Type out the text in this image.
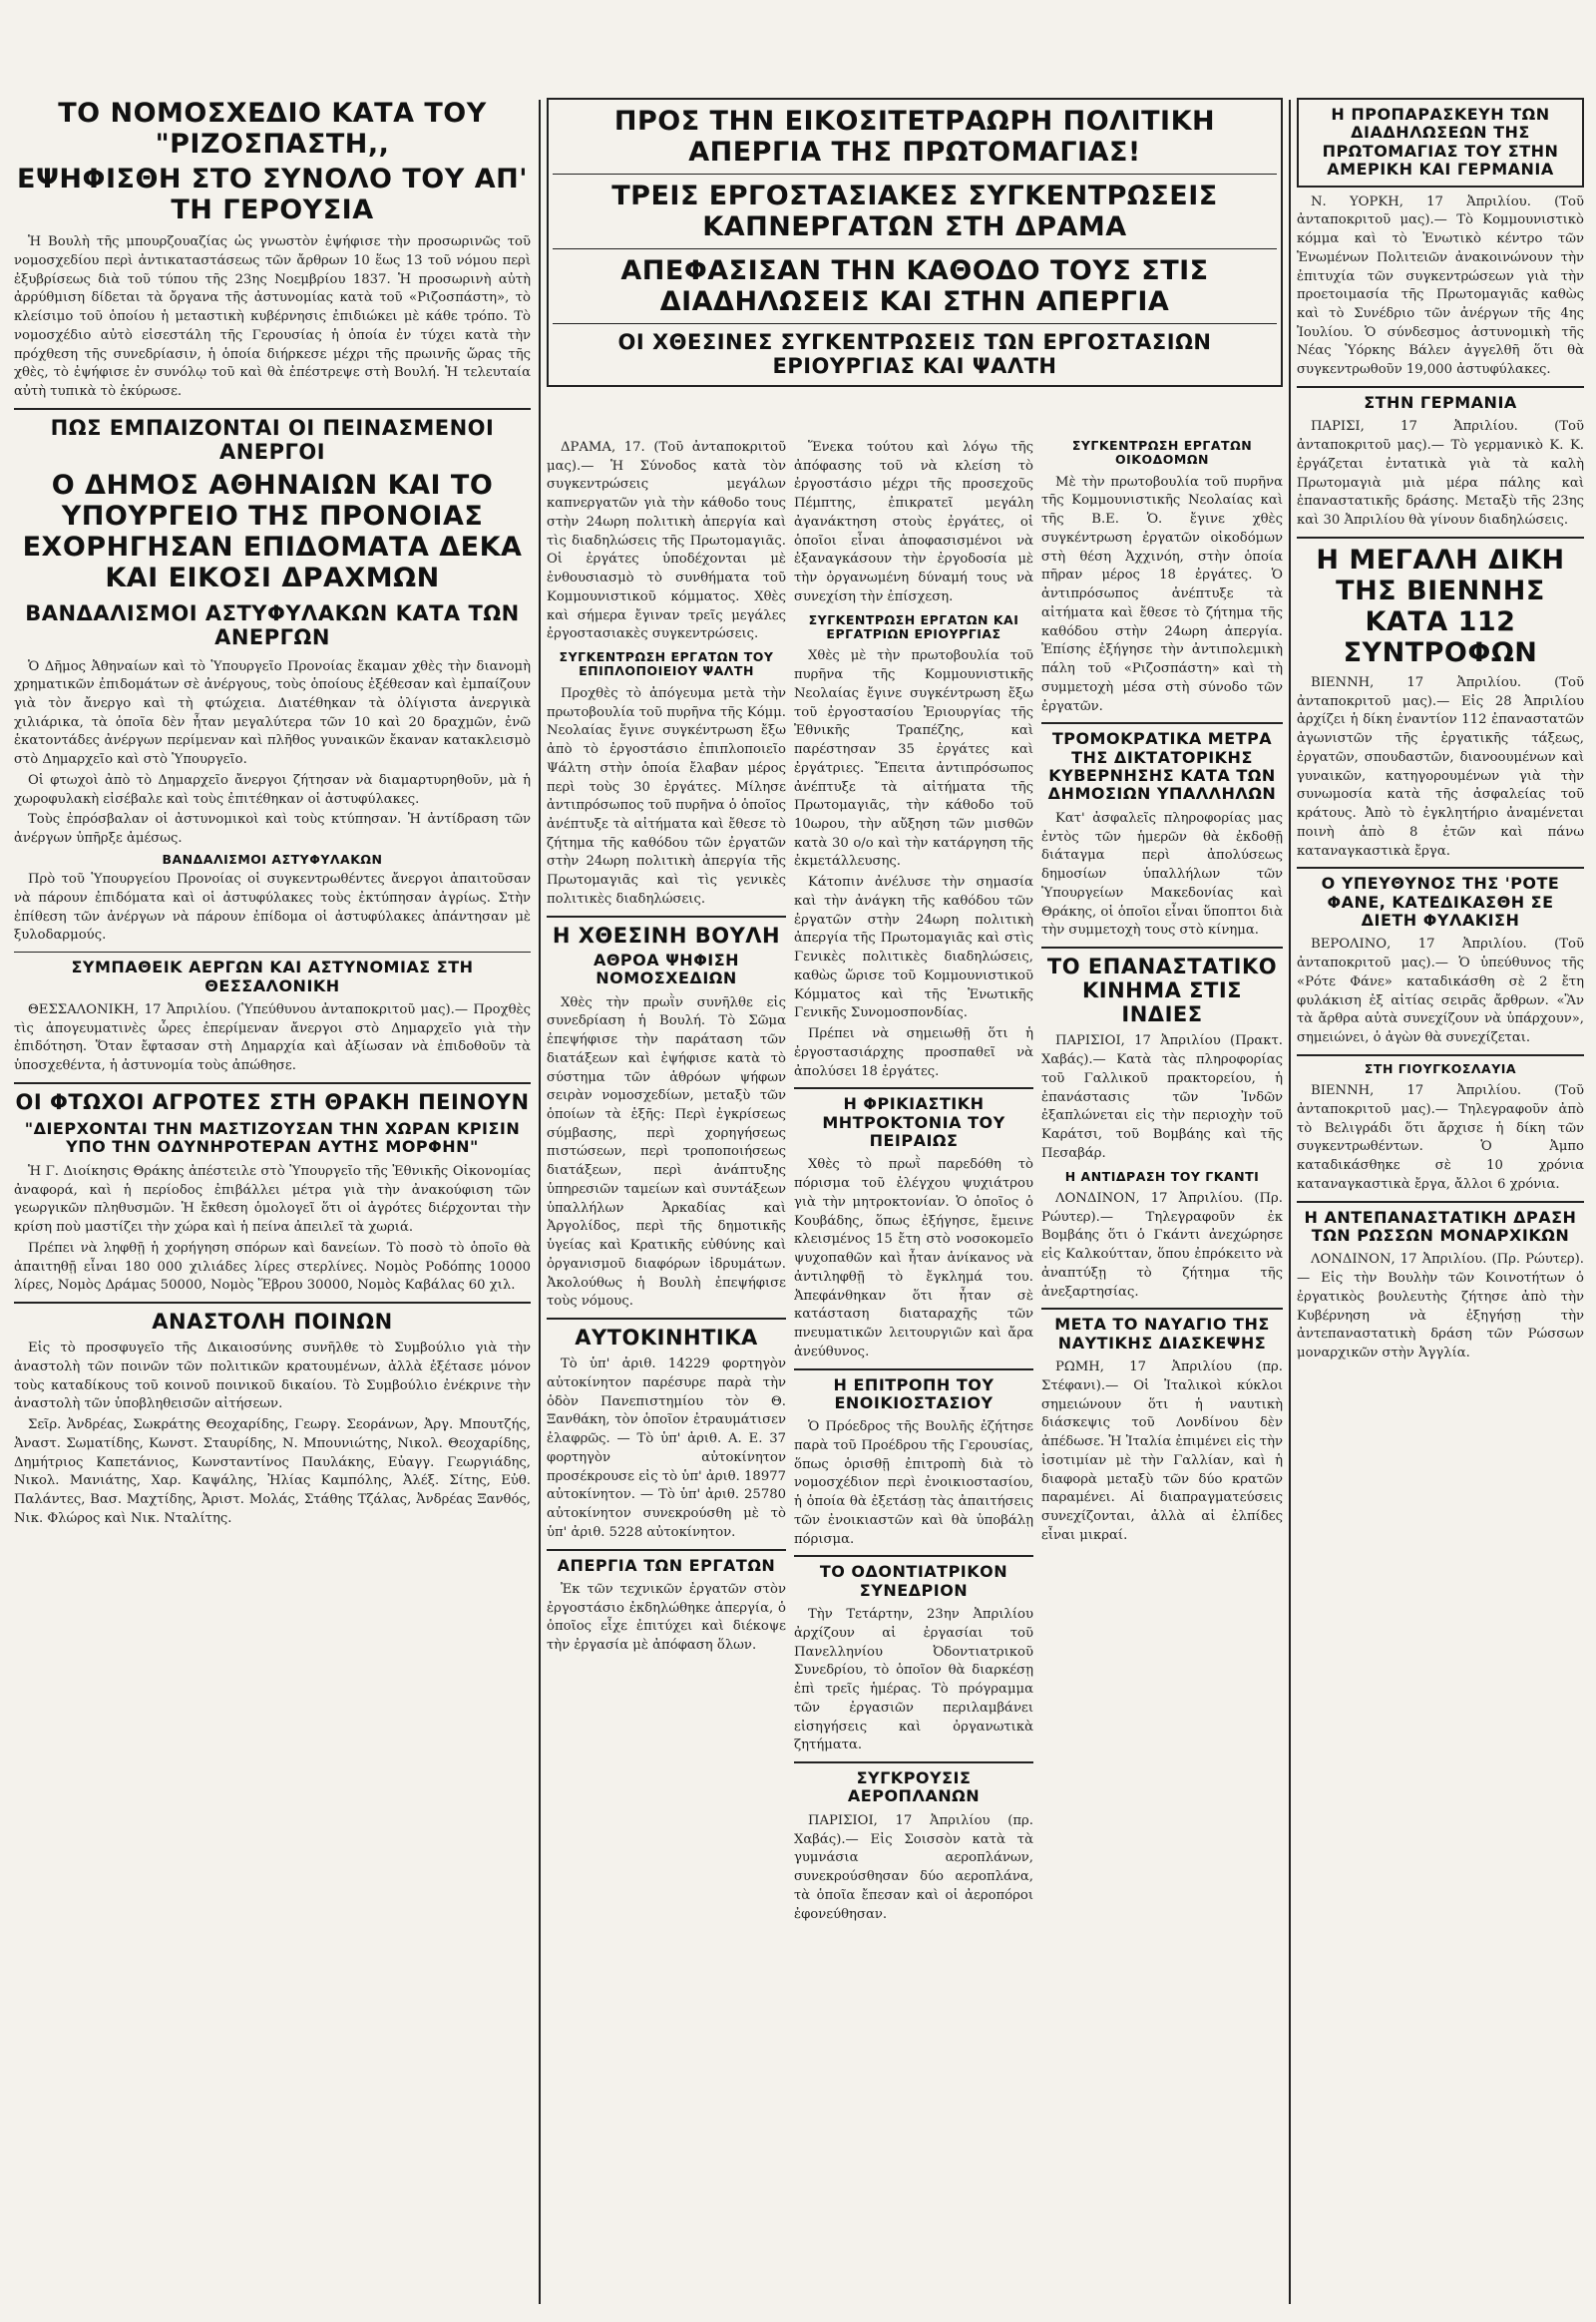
ΤΟ ΝΟΜΟΣΧΕΔΙΟ ΚΑΤΑ ΤΟΥ "ΡΙΖΟΣΠΑΣΤΗ,,
ΕΨΗΦΙΣΘΗ ΣΤΟ ΣΥΝΟΛΟ ΤΟΥ ΑΠ' ΤΗ ΓΕΡΟΥΣΙΑ

Ἡ Βουλὴ τῆς μπουρζουαζίας ὡς γνωστὸν ἐψήφισε τὴν προσωρινῶς τοῦ νομοσχεδίου περὶ ἀντικαταστάσεως τῶν ἄρθρων 10 ἕως 13 τοῦ νόμου περὶ ἐξυβρίσεως διὰ τοῦ τύπου τῆς 23ης Νοεμβρίου 1837. Ἡ προσωρινὴ αὐτὴ ἀρρύθμιση δίδεται τὰ ὄργανα τῆς ἀστυνομίας κατὰ τοῦ «Ριζοσπάστη», τὸ κλείσιμο τοῦ ὁποίου ἡ μεταστικὴ κυβέρνησις ἐπιδιώκει μὲ κάθε τρόπο. Τὸ νομοσχέδιο αὐτὸ εἰσεστάλη τῆς Γερουσίας ἡ ὁποία ἐν τύχει κατὰ τὴν πρόχθεση τῆς συνεδρίασιν, ἡ ὁποία διήρκεσε μέχρι τῆς πρωινῆς ὥρας τῆς χθὲς, τὸ ἐψήφισε ἐν συνόλῳ τοῦ καὶ θὰ ἐπέστρεψε στὴ Βουλή. Ἡ τελευταία αὐτὴ τυπικὰ τὸ ἐκύρωσε.

ΠΩΣ ΕΜΠΑΙΖΟΝΤΑΙ ΟΙ ΠΕΙΝΑΣΜΕΝΟΙ ΑΝΕΡΓΟΙ
Ο ΔΗΜΟΣ ΑΘΗΝΑΙΩΝ ΚΑΙ ΤΟ ΥΠΟΥΡΓΕΙΟ ΤΗΣ ΠΡΟΝΟΙΑΣ ΕΧΟΡΗΓΗΣΑΝ ΕΠΙΔΟΜΑΤΑ ΔΕΚΑ ΚΑΙ ΕΙΚΟΣΙ ΔΡΑΧΜΩΝ
ΒΑΝΔΑΛΙΣΜΟΙ ΑΣΤΥΦΥΛΑΚΩΝ ΚΑΤΑ ΤΩΝ ΑΝΕΡΓΩΝ

Ὁ Δῆμος Ἀθηναίων καὶ τὸ Ὑπουργεῖο Προνοίας ἔκαμαν χθὲς τὴν διανομὴ χρηματικῶν ἐπιδομάτων σὲ ἀνέργους, τοὺς ὁποίους ἐξέθεσαν καὶ ἐμπαίζουν γιὰ τὸν ἄνεργο καὶ τὴ φτώχεια. Διατέθηκαν τὰ ὀλίγιστα ἀνεργικὰ χιλιάρικα, τὰ ὁποῖα δὲν ἦταν μεγαλύτερα τῶν 10 καὶ 20 δραχμῶν, ἐνῶ ἑκατοντάδες ἀνέργων περίμεναν καὶ πλῆθος γυναικῶν ἔκαναν κατακλεισμὸ στὸ Δημαρχεῖο καὶ στὸ Ὑπουργεῖο.

Οἱ φτωχοὶ ἀπὸ τὸ Δημαρχεῖο ἄνεργοι ζήτησαν νὰ διαμαρτυρηθοῦν, μὰ ἡ χωροφυλακὴ εἰσέβαλε καὶ τοὺς ἐπιτέθηκαν οἱ ἀστυφύλακες.

Τοὺς ἐπρόσβαλαν οἱ ἀστυνομικοὶ καὶ τοὺς κτύπησαν. Ἡ ἀντίδραση τῶν ἀνέργων ὑπῆρξε ἀμέσως.

ΒΑΝΔΑΛΙΣΜΟΙ ΑΣΤΥΦΥΛΑΚΩΝ

Πρὸ τοῦ Ὑπουργείου Προνοίας οἱ συγκεντρωθέντες ἄνεργοι ἀπαιτοῦσαν νὰ πάρουν ἐπιδόματα καὶ οἱ ἀστυφύλακες τοὺς ἐκτύπησαν ἀγρίως. Στὴν ἐπίθεση τῶν ἀνέργων νὰ πάρουν ἐπίδομα οἱ ἀστυφύλακες ἀπάντησαν μὲ ξυλοδαρμούς.

ΣΥΜΠΑΘΕΙΚ ΑΕΡΓΩΝ ΚΑΙ ΑΣΤΥΝΟΜΙΑΣ ΣΤΗ ΘΕΣΣΑΛΟΝΙΚΗ

ΘΕΣΣΑΛΟΝΙΚΗ, 17 Ἀπριλίου. (Ὑπεύθυνου ἀνταποκριτοῦ μας).— Προχθὲς τὶς ἀπογευματινὲς ὧρες ἐπερίμεναν ἄνεργοι στὸ Δημαρχεῖο γιὰ τὴν ἐπιδότηση. Ὅταν ἔφτασαν στὴ Δημαρχία καὶ ἀξίωσαν νὰ ἐπιδοθοῦν τὰ ὑποσχεθέντα, ἡ ἀστυνομία τοὺς ἀπώθησε.

ΟΙ ΦΤΩΧΟΙ ΑΓΡΟΤΕΣ ΣΤΗ ΘΡΑΚΗ ΠΕΙΝΟΥΝ
"ΔΙΕΡΧΟΝΤΑΙ ΤΗΝ ΜΑΣΤΙΖΟΥΣΑΝ ΤΗΝ ΧΩΡΑΝ ΚΡΙΣΙΝ ΥΠΟ ΤΗΝ ΟΔΥΝΗΡΟΤΕΡΑΝ ΑΥΤΗΣ ΜΟΡΦΗΝ"

Ἡ Γ. Διοίκησις Θράκης ἀπέστειλε στὸ Ὑπουργεῖο τῆς Ἐθνικῆς Οἰκονομίας ἀναφορά, καὶ ἡ περίοδος ἐπιβάλλει μέτρα γιὰ τὴν ἀνακούφιση τῶν γεωργικῶν πληθυσμῶν. Ἡ ἔκθεση ὁμολογεῖ ὅτι οἱ ἀγρότες διέρχονται τὴν κρίση ποὺ μαστίζει τὴν χώρα καὶ ἡ πείνα ἀπειλεῖ τὰ χωριά.

Πρέπει νὰ ληφθῇ ἡ χορήγηση σπόρων καὶ δανείων. Τὸ ποσὸ τὸ ὁποῖο θὰ ἀπαιτηθῇ εἶναι 180 000 χιλιάδες λίρες στερλίνες. Νομὸς Ροδόπης 10000 λίρες, Νομὸς Δράμας 50000, Νομὸς Ἕβρου 30000, Νομὸς Καβάλας 60 χιλ.

ΑΝΑΣΤΟΛΗ ΠΟΙΝΩΝ

Εἰς τὸ προσφυγεῖο τῆς Δικαιοσύνης συνῆλθε τὸ Συμβούλιο γιὰ τὴν ἀναστολὴ τῶν ποινῶν τῶν πολιτικῶν κρατουμένων, ἀλλὰ ἐξέτασε μόνον τοὺς καταδίκους τοῦ κοινοῦ ποινικοῦ δικαίου. Τὸ Συμβούλιο ἐνέκρινε τὴν ἀναστολὴ τῶν ὑποβληθεισῶν αἰτήσεων.

Σεῖρ. Ἀνδρέας, Σωκράτης Θεοχαρίδης, Γεωργ. Σεοράνων, Ἀργ. Μπουτζής, Ἀναστ. Σωματίδης, Κωνστ. Σταυρίδης, Ν. Μπουνιώτης, Νικολ. Θεοχαρίδης, Δημήτριος Καπετάνιος, Κωνσταντίνος Παυλάκης, Εὐαγγ. Γεωργιάδης, Νικολ. Μανιάτης, Χαρ. Καψάλης, Ἠλίας Καμπόλης, Ἀλέξ. Σίτης, Εὐθ. Παλάντες, Βασ. Μαχτίδης, Ἀριστ. Μολάς, Στάθης Τζάλας, Ἀνδρέας Ξανθός, Νικ. Φλώρος καὶ Νικ. Νταλίτης.

ΠΡΟΣ ΤΗΝ ΕΙΚΟΣΙΤΕΤΡΑΩΡΗ ΠΟΛΙΤΙΚΗ ΑΠΕΡΓΙΑ ΤΗΣ ΠΡΩΤΟΜΑΓΙΑΣ!
ΤΡΕΙΣ ΕΡΓΟΣΤΑΣΙΑΚΕΣ ΣΥΓΚΕΝΤΡΩΣΕΙΣ ΚΑΠΝΕΡΓΑΤΩΝ ΣΤΗ ΔΡΑΜΑ
ΑΠΕΦΑΣΙΣΑΝ ΤΗΝ ΚΑΘΟΔΟ ΤΟΥΣ ΣΤΙΣ ΔΙΑΔΗΛΩΣΕΙΣ ΚΑΙ ΣΤΗΝ ΑΠΕΡΓΙΑ
ΟΙ ΧΘΕΣΙΝΕΣ ΣΥΓΚΕΝΤΡΩΣΕΙΣ ΤΩΝ ΕΡΓΟΣΤΑΣΙΩΝ ΕΡΙΟΥΡΓΙΑΣ ΚΑΙ ΨΑΛΤΗ

ΔΡΑΜΑ, 17. (Τοῦ ἀνταποκριτοῦ μας).— Ἡ Σύνοδος κατὰ τὸν συγκεντρώσεις μεγάλων καπνεργατῶν γιὰ τὴν κάθοδο τους στὴν 24ωρη πολιτικὴ ἀπεργία καὶ τὶς διαδηλώσεις τῆς Πρωτομαγιᾶς. Οἱ ἐργάτες ὑποδέχονται μὲ ἐνθουσιασμὸ τὸ συνθήματα τοῦ Κομμουνιστικοῦ κόμματος. Χθὲς καὶ σήμερα ἔγιναν τρεῖς μεγάλες ἐργοστασιακὲς συγκεντρώσεις.

ΣΥΓΚΕΝΤΡΩΣΗ ΕΡΓΑΤΩΝ ΤΟΥ ΕΠΙΠΛΟΠΟΙΕΙΟΥ ΨΑΛΤΗ

Προχθὲς τὸ ἀπόγευμα μετὰ τὴν πρωτοβουλία τοῦ πυρῆνα τῆς Κόμμ. Νεολαίας ἔγινε συγκέντρωση ἔξω ἀπὸ τὸ ἐργοστάσιο ἐπιπλοποιεῖο Ψάλτη στὴν ὁποία ἔλαβαν μέρος περὶ τοὺς 30 ἐργάτες. Μίλησε ἀντιπρόσωπος τοῦ πυρῆνα ὁ ὁποῖος ἀνέπτυξε τὰ αἰτήματα καὶ ἔθεσε τὸ ζήτημα τῆς καθόδου τῶν ἐργατῶν στὴν 24ωρη πολιτικὴ ἀπεργία τῆς Πρωτομαγιᾶς καὶ τὶς γενικὲς πολιτικὲς διαδηλώσεις.

Η ΧΘΕΣΙΝΗ ΒΟΥΛΗ
ΑΘΡΟΑ ΨΗΦΙΣΗ ΝΟΜΟΣΧΕΔΙΩΝ

Χθὲς τὴν πρωῒν συνῆλθε εἰς συνεδρίαση ἡ Βουλή. Τὸ Σῶμα ἐπεψήφισε τὴν παράταση τῶν διατάξεων καὶ ἐψήφισε κατὰ τὸ σύστημα τῶν ἁθρόων ψήφων σειρὰν νομοσχεδίων, μεταξὺ τῶν ὁποίων τὰ ἑξῆς: Περὶ ἐγκρίσεως σύμβασης, περὶ χορηγήσεως πιστώσεων, περὶ τροποποιήσεως διατάξεων, περὶ ἀνάπτυξης ὑπηρεσιῶν ταμείων καὶ συντάξεων ὑπαλλήλων Ἀρκαδίας καὶ Ἀργολίδος, περὶ τῆς δημοτικῆς ὑγείας καὶ Κρατικῆς εὐθύνης καὶ ὀργανισμοῦ διαφόρων ἰδρυμάτων. Ἀκολούθως ἡ Βουλὴ ἐπεψήφισε τοὺς νόμους.

ΑΥΤΟΚΙΝΗΤΙΚΑ

Τὸ ὑπ' ἀριθ. 14229 φορτηγὸν αὐτοκίνητον παρέσυρε παρὰ τὴν ὁδὸν Πανεπιστημίου τὸν Θ. Ξανθάκη, τὸν ὁποῖον ἐτραυμάτισεν ἐλαφρῶς. — Τὸ ὑπ' ἀριθ. Α. Ε. 37 φορτηγὸν αὐτοκίνητον προσέκρουσε εἰς τὸ ὑπ' ἀριθ. 18977 αὐτοκίνητον. — Τὸ ὑπ' ἀριθ. 25780 αὐτοκίνητον συνεκρούσθη μὲ τὸ ὑπ' ἀριθ. 5228 αὐτοκίνητον.

ΑΠΕΡΓΙΑ ΤΩΝ ΕΡΓΑΤΩΝ

Ἐκ τῶν τεχνικῶν ἐργατῶν στὸν ἐργοστάσιο ἐκδηλώθηκε ἀπεργία, ὁ ὁποῖος εἶχε ἐπιτύχει καὶ διέκοψε τὴν ἐργασία μὲ ἀπόφαση ὅλων.

Ἕνεκα τούτου καὶ λόγω τῆς ἀπόφασης τοῦ νὰ κλείση τὸ ἐργοστάσιο μέχρι τῆς προσεχοῦς Πέμπτης, ἐπικρατεῖ μεγάλη ἀγανάκτηση στοὺς ἐργάτες, οἱ ὁποῖοι εἶναι ἀποφασισμένοι νὰ ἐξαναγκάσουν τὴν ἐργοδοσία μὲ τὴν ὀργανωμένη δύναμή τους νὰ συνεχίση τὴν ἐπίσχεση.

ΣΥΓΚΕΝΤΡΩΣΗ ΕΡΓΑΤΩΝ ΚΑΙ ΕΡΓΑΤΡΙΩΝ ΕΡΙΟΥΡΓΙΑΣ

Χθὲς μὲ τὴν πρωτοβουλία τοῦ πυρῆνα τῆς Κομμουνιστικῆς Νεολαίας ἔγινε συγκέντρωση ἔξω τοῦ ἐργοστασίου Ἐριουργίας τῆς Ἐθνικῆς Τραπέζης, καὶ παρέστησαν 35 ἐργάτες καὶ ἐργάτριες. Ἔπειτα ἀντιπρόσωπος ἀνέπτυξε τὰ αἰτήματα τῆς Πρωτομαγιᾶς, τὴν κάθοδο τοῦ 10ωρου, τὴν αὔξηση τῶν μισθῶν κατὰ 30 ο/ο καὶ τὴν κατάργηση τῆς ἐκμετάλλευσης.

Κάτοπιν ἀνέλυσε τὴν σημασία καὶ τὴν ἀνάγκη τῆς καθόδου τῶν ἐργατῶν στὴν 24ωρη πολιτικὴ ἀπεργία τῆς Πρωτομαγιᾶς καὶ στὶς Γενικὲς πολιτικὲς διαδηλώσεις, καθὼς ὥρισε τοῦ Κομμουνιστικοῦ Κόμματος καὶ τῆς Ἑνωτικῆς Γενικῆς Συνομοσπονδίας.

Πρέπει νὰ σημειωθῇ ὅτι ἡ ἐργοστασιάρχης προσπαθεῖ νὰ ἀπολύσει 18 ἐργάτες.

Η ΦΡΙΚΙΑΣΤΙΚΗ ΜΗΤΡΟΚΤΟΝΙΑ ΤΟΥ ΠΕΙΡΑΙΩΣ

Χθὲς τὸ πρωῒ παρεδόθη τὸ πόρισμα τοῦ ἐλέγχου ψυχιάτρου γιὰ τὴν μητροκτονίαν. Ὁ ὁποῖος ὁ Κουβάδης, ὅπως ἐξήγησε, ἔμεινε κλεισμένος 15 ἔτη στὸ νοσοκομεῖο ψυχοπαθῶν καὶ ἦταν ἀνίκανος νὰ ἀντιληφθῇ τὸ ἔγκλημά του. Ἀπεφάνθηκαν ὅτι ἦταν σὲ κατάσταση διαταραχῆς τῶν πνευματικῶν λειτουργιῶν καὶ ἄρα ἀνεύθυνος.

Η ΕΠΙΤΡΟΠΗ ΤΟΥ ΕΝΟΙΚΙΟΣΤΑΣΙΟΥ

Ὁ Πρόεδρος τῆς Βουλῆς ἐζήτησε παρὰ τοῦ Προέδρου τῆς Γερουσίας, ὅπως ὁρισθῇ ἐπιτροπὴ διὰ τὸ νομοσχέδιον περὶ ἐνοικιοστασίου, ἡ ὁποία θὰ ἐξετάσῃ τὰς ἀπαιτήσεις τῶν ἐνοικιαστῶν καὶ θὰ ὑποβάλῃ πόρισμα.

ΤΟ ΟΔΟΝΤΙΑΤΡΙΚΟΝ ΣΥΝΕΔΡΙΟΝ

Τὴν Τετάρτην, 23ην Ἀπριλίου ἀρχίζουν αἱ ἐργασίαι τοῦ Πανελληνίου Ὀδοντιατρικοῦ Συνεδρίου, τὸ ὁποῖον θὰ διαρκέσῃ ἐπὶ τρεῖς ἡμέρας. Τὸ πρόγραμμα τῶν ἐργασιῶν περιλαμβάνει εἰσηγήσεις καὶ ὀργανωτικὰ ζητήματα.

ΣΥΓΚΡΟΥΣΙΣ ΑΕΡΟΠΛΑΝΩΝ

ΠΑΡΙΣΙΟΙ, 17 Ἀπριλίου (πρ. Χαβάς).— Εἰς Σοισσὸν κατὰ τὰ γυμνάσια αεροπλάνων, συνεκρούσθησαν δύο αεροπλάνα, τὰ ὁποῖα ἔπεσαν καὶ οἱ ἀεροπόροι ἐφονεύθησαν.

ΣΥΓΚΕΝΤΡΩΣΗ ΕΡΓΑΤΩΝ ΟΙΚΟΔΟΜΩΝ

Μὲ τὴν πρωτοβουλία τοῦ πυρῆνα τῆς Κομμουνιστικῆς Νεολαίας καὶ τῆς Β.Ε. Ὁ. ἔγινε χθὲς συγκέντρωση ἐργατῶν οἰκοδόμων στὴ θέση Ἀχχινόη, στὴν ὁποία πῆραν μέρος 18 ἐργάτες. Ὁ ἀντιπρόσωπος ἀνέπτυξε τὰ αἰτήματα καὶ ἔθεσε τὸ ζήτημα τῆς καθόδου στὴν 24ωρη ἀπεργία. Ἐπίσης ἐξήγησε τὴν ἀντιπολεμικὴ πάλη τοῦ «Ριζοσπάστη» καὶ τὴ συμμετοχὴ μέσα στὴ σύνοδο τῶν ἐργατῶν.

ΤΡΟΜΟΚΡΑΤΙΚΑ ΜΕΤΡΑ ΤΗΣ ΔΙΚΤΑΤΟΡΙΚΗΣ ΚΥΒΕΡΝΗΣΗΣ ΚΑΤΑ ΤΩΝ ΔΗΜΟΣΙΩΝ ΥΠΑΛΛΗΛΩΝ

Κατ' ἀσφαλεῖς πληροφορίας μας ἐντὸς τῶν ἡμερῶν θὰ ἐκδοθῇ διάταγμα περὶ ἀπολύσεως δημοσίων ὑπαλλήλων τῶν Ὑπουργείων Μακεδονίας καὶ Θράκης, οἱ ὁποῖοι εἶναι ὕποπτοι διὰ τὴν συμμετοχὴ τους στὸ κίνημα.

ΤΟ ΕΠΑΝΑΣΤΑΤΙΚΟ ΚΙΝΗΜΑ ΣΤΙΣ ΙΝΔΙΕΣ

ΠΑΡΙΣΙΟΙ, 17 Ἀπριλίου (Πρακτ. Χαβάς).— Κατὰ τὰς πληροφορίας τοῦ Γαλλικοῦ πρακτορείου, ἡ ἐπανάστασις τῶν Ἰνδῶν ἐξαπλώνεται εἰς τὴν περιοχὴν τοῦ Καράτσι, τοῦ Βομβάης καὶ τῆς Πεσαβάρ.

Η ΑΝΤΙΔΡΑΣΗ ΤΟΥ ΓΚΑΝΤΙ

ΛΟΝΔΙΝΟΝ, 17 Ἀπριλίου. (Πρ. Ρώυτερ).— Τηλεγραφοῦν ἐκ Βομβάης ὅτι ὁ Γκάντι ἀνεχώρησε εἰς Καλκούτταν, ὅπου ἐπρόκειτο νὰ ἀναπτύξῃ τὸ ζήτημα τῆς ἀνεξαρτησίας.

ΜΕΤΑ ΤΟ ΝΑΥΑΓΙΟ ΤΗΣ ΝΑΥΤΙΚΗΣ ΔΙΑΣΚΕΨΗΣ

ΡΩΜΗ, 17 Ἀπριλίου (πρ. Στέφανι).— Οἱ Ἰταλικοὶ κύκλοι σημειώνουν ὅτι ἡ ναυτικὴ διάσκεψις τοῦ Λονδίνου δὲν ἀπέδωσε. Ἡ Ἰταλία ἐπιμένει εἰς τὴν ἰσοτιμίαν μὲ τὴν Γαλλίαν, καὶ ἡ διαφορὰ μεταξὺ τῶν δύο κρατῶν παραμένει. Αἱ διαπραγματεύσεις συνεχίζονται, ἀλλὰ αἱ ἐλπίδες εἶναι μικραί.

Η ΠΡΟΠΑΡΑΣΚΕΥΗ ΤΩΝ ΔΙΑΔΗΛΩΣΕΩΝ ΤΗΣ ΠΡΩΤΟΜΑΓΙΑΣ ΤΟΥ ΣΤΗΝ ΑΜΕΡΙΚΗ ΚΑΙ ΓΕΡΜΑΝΙΑ

Ν. ΥΟΡΚΗ, 17 Ἀπριλίου. (Τοῦ ἀνταποκριτοῦ μας).— Τὸ Κομμουνιστικὸ κόμμα καὶ τὸ Ἐνωτικὸ κέντρο τῶν Ἑνωμένων Πολιτειῶν ἀνακοινώνουν τὴν ἐπιτυχία τῶν συγκεντρώσεων γιὰ τὴν προετοιμασία τῆς Πρωτομαγιᾶς καθὼς καὶ τὸ Συνέδριο τῶν ἀνέργων τῆς 4ης Ἰουλίου. Ὁ σύνδεσμος ἀστυνομικὴ τῆς Νέας Ὑόρκης Βάλεν ἀγγελθῆ ὅτι θὰ συγκεντρωθοῦν 19,000 ἀστυφύλακες.

ΣΤΗΝ ΓΕΡΜΑΝΙΑ

ΠΑΡΙΣΙ, 17 Ἀπριλίου. (Τοῦ ἀνταποκριτοῦ μας).— Τὸ γερμανικὸ Κ. Κ. ἐργάζεται ἐντατικὰ γιὰ τὰ καλὴ Πρωτομαγιὰ μιὰ μέρα πάλης καὶ ἐπαναστατικῆς δράσης. Μεταξὺ τῆς 23ης καὶ 30 Ἀπριλίου θὰ γίνουν διαδηλώσεις.

Η ΜΕΓΑΛΗ ΔΙΚΗ ΤΗΣ ΒΙΕΝΝΗΣ ΚΑΤΑ 112 ΣΥΝΤΡΟΦΩΝ

ΒΙΕΝΝΗ, 17 Ἀπριλίου. (Τοῦ ἀνταποκριτοῦ μας).— Εἰς 28 Ἀπριλίου ἀρχίζει ἡ δίκη ἐναντίον 112 ἐπαναστατῶν ἀγωνιστῶν τῆς ἐργατικῆς τάξεως, ἐργατῶν, σπουδαστῶν, διανοουμένων καὶ γυναικῶν, κατηγορουμένων γιὰ τὴν συνωμοσία κατὰ τῆς ἀσφαλείας τοῦ κράτους. Ἀπὸ τὸ ἐγκλητήριο ἀναμένεται ποινὴ ἀπὸ 8 ἐτῶν καὶ πάνω καταναγκαστικὰ ἔργα.

Ο ΥΠΕΥΘΥΝΟΣ ΤΗΣ 'ΡΟΤΕ ΦΑΝΕ, ΚΑΤΕΔΙΚΑΣΘΗ ΣΕ ΔΙΕΤΗ ΦΥΛΑΚΙΣΗ

ΒΕΡΟΛΙΝΟ, 17 Ἀπριλίου. (Τοῦ ἀνταποκριτοῦ μας).— Ὁ ὑπεύθυνος τῆς «Ρότε Φάνε» καταδικάσθη σὲ 2 ἔτη φυλάκιση ἐξ αἰτίας σειρᾶς ἄρθρων. «Ἂν τὰ ἄρθρα αὐτὰ συνεχίζουν νὰ ὑπάρχουν», σημειώνει, ὁ ἀγὼν θὰ συνεχίζεται.

ΣΤΗ ΓΙΟΥΓΚΟΣΛΑΥΙΑ

ΒΙΕΝΝΗ, 17 Ἀπριλίου. (Τοῦ ἀνταποκριτοῦ μας).— Τηλεγραφοῦν ἀπὸ τὸ Βελιγράδι ὅτι ἄρχισε ἡ δίκη τῶν συγκεντρωθέντων. Ὁ Ἀμπο καταδικάσθηκε σὲ 10 χρόνια καταναγκαστικὰ ἔργα, ἄλλοι 6 χρόνια.

Η ΑΝΤΕΠΑΝΑΣΤΑΤΙΚΗ ΔΡΑΣΗ ΤΩΝ ΡΩΣΣΩΝ ΜΟΝΑΡΧΙΚΩΝ

ΛΟΝΔΙΝΟΝ, 17 Ἀπριλίου. (Πρ. Ρώυτερ).— Εἰς τὴν Βουλὴν τῶν Κοινοτήτων ὁ ἐργατικὸς βουλευτὴς ζήτησε ἀπὸ τὴν Κυβέρνηση νὰ ἐξηγήσῃ τὴν ἀντεπαναστατικὴ δράση τῶν Ρώσσων μοναρχικῶν στὴν Ἀγγλία.
